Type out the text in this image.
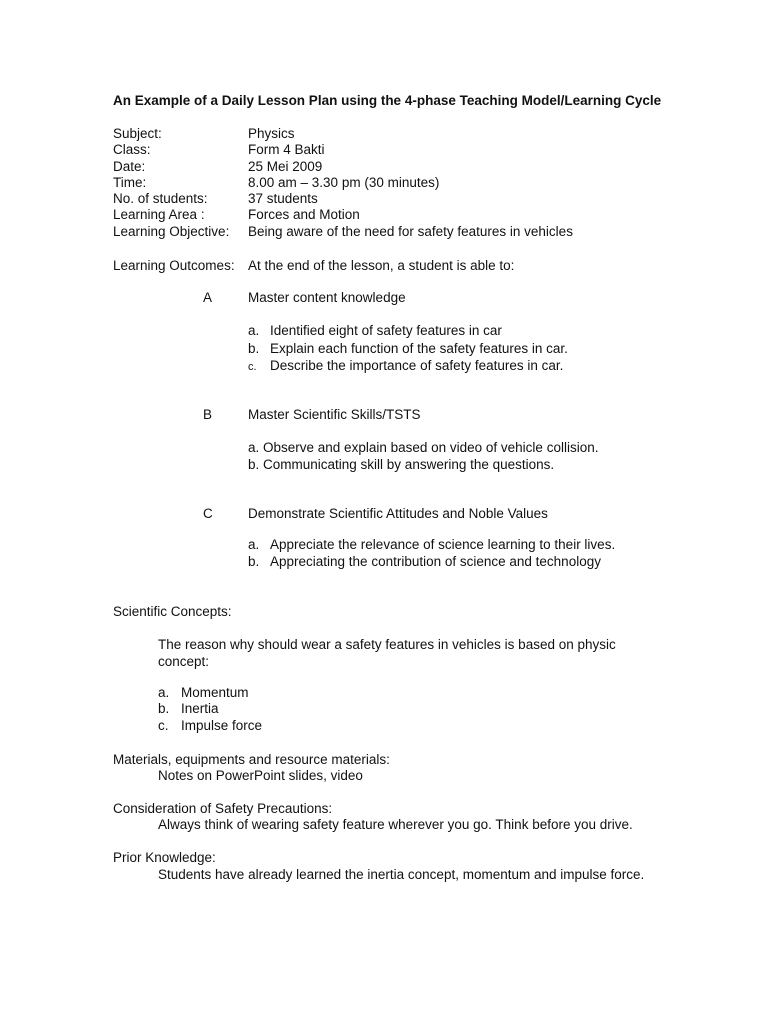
An Example of a Daily Lesson Plan using the 4-phase Teaching Model/Learning Cycle
Subject:	Physics
Class:	Form 4 Bakti
Date:	25 Mei 2009
Time:	8.00 am – 3.30 pm (30 minutes)
No. of students:	37 students
Learning Area :	Forces and Motion
Learning Objective: Being aware of the need for safety features in vehicles
Learning Outcomes: At the end of the lesson, a student is able to:
A	Master content knowledge
a. Identified eight of safety features in car
b. Explain each function of the safety features in car.
c. Describe the importance of safety features in car.
B	Master Scientific Skills/TSTS
a. Observe and explain based on video of vehicle collision.
b. Communicating skill by answering the questions.
C	Demonstrate Scientific Attitudes and Noble Values
a. Appreciate the relevance of science learning to their lives.
b. Appreciating the contribution of science and technology
Scientific Concepts:
The reason why should wear a safety features in vehicles is based on physic
concept:
a. Momentum
b. Inertia
c. Impulse force
Materials, equipments and resource materials:
Notes on PowerPoint slides, video
Consideration of Safety Precautions:
Always think of wearing safety feature wherever you go. Think before you drive.
Prior Knowledge:
Students have already learned the inertia concept, momentum and impulse force.
